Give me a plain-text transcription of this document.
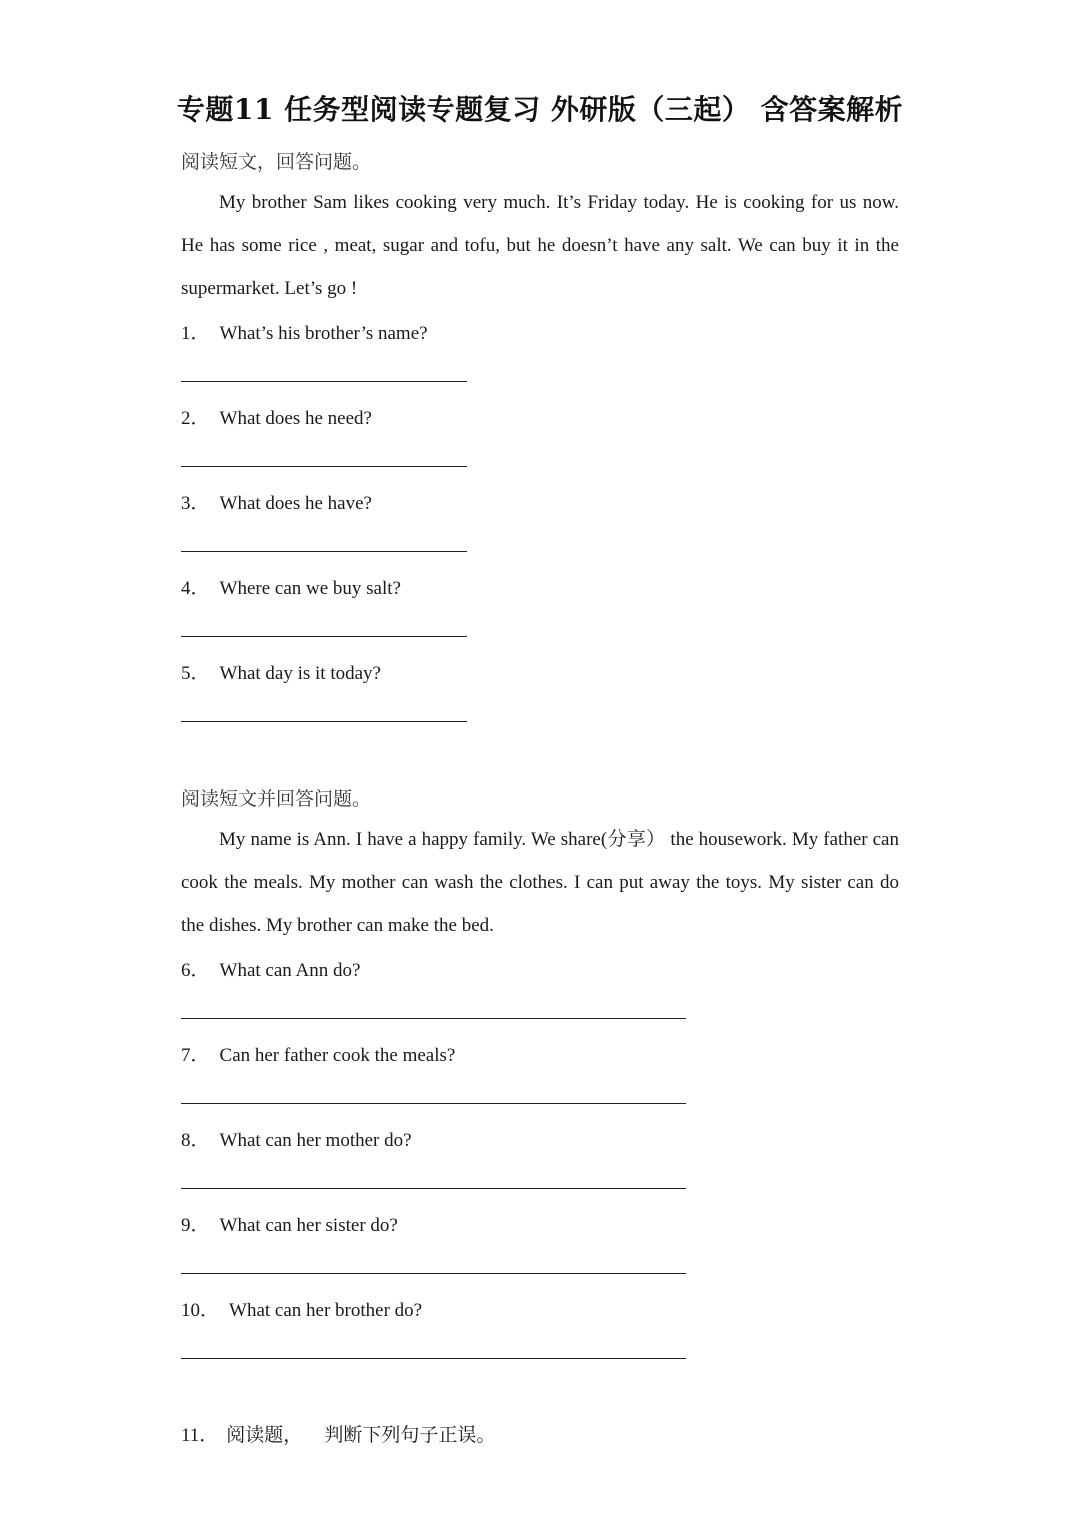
专题11 任务型阅读专题复习 外研版（三起） 含答案解析
阅读短文，回答问题。
My brother Sam likes cooking very much. It’s Friday today. He is cooking for us now. He has some rice , meat, sugar and tofu, but he doesn’t have any salt. We can buy it in the supermarket. Let’s go !
1． What’s his brother’s name?
2． What does he need?
3． What does he have?
4． Where can we buy salt?
5． What day is it today?
阅读短文并回答问题。
My name is Ann. I have a happy family. We share(分享） the housework. My father can cook the meals. My mother can wash the clothes. I can put away the toys. My sister can do the dishes. My brother can make the bed.
6． What can Ann do?
7． Can her father cook the meals?
8． What can her mother do?
9． What can her sister do?
10． What can her brother do?
11． 阅读题， 判断下列句子正误。
